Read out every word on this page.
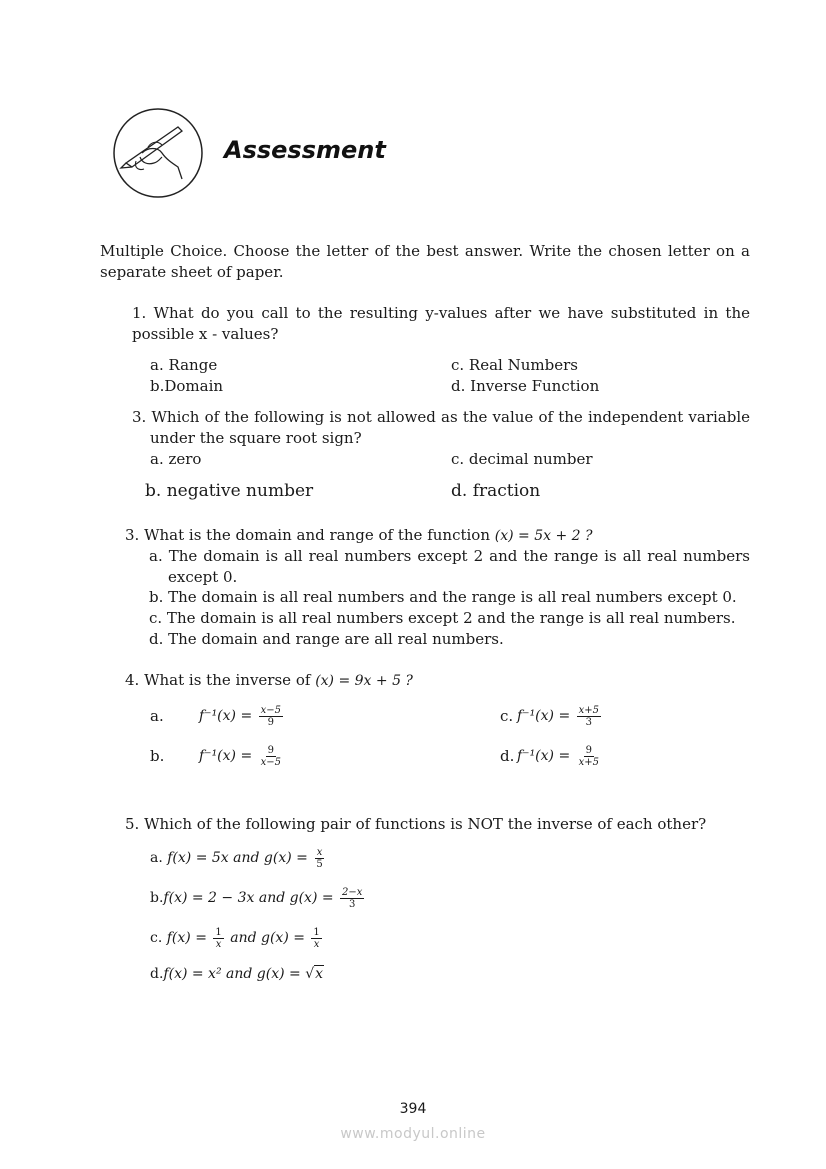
Assessment
Multiple Choice. Choose the letter of the best answer. Write the chosen letter on a separate sheet of paper.
1. What do you call to the resulting y-values after we have substituted in the possible x - values?
a. Range
b.Domain
c. Real Numbers
d. Inverse Function
3. Which of the following is not allowed as the value of the independent variable under the square root sign?
a. zero	c. decimal number
b. negative number	d. fraction
3. What is the domain and range of the function (x) = 5x + 2 ?
a. The domain is all real numbers except 2 and the range is all real numbers
except 0.
b. The domain is all real numbers and the range is all real numbers except 0.
c. The domain is all real numbers except 2 and the range is all real numbers.
d. The domain and range are all real numbers.
4. What is the inverse of (x) = 9x + 5 ?
a.	$f^{-1}(x) = \frac{x-5}{9}$	c. $f^{-1}(x) = \frac{x+5}{3}$
b. $f^{-1}(x) = \frac{9}{x-5}$	d. $f^{-1}(x) = \frac{9}{x+5}$
5. Which of the following pair of functions is NOT the inverse of each other?
a. f(x) = 5x and $g(x) = \frac{x}{5}$
b.f(x) = 2 − 3x and $g(x) = \frac{2-x}{3}$
c. $f(x) = \frac{1}{x}$ and $g(x) = \frac{1}{x}$
d.f(x) = x² and g(x) = √x
394
www.modyul.online
